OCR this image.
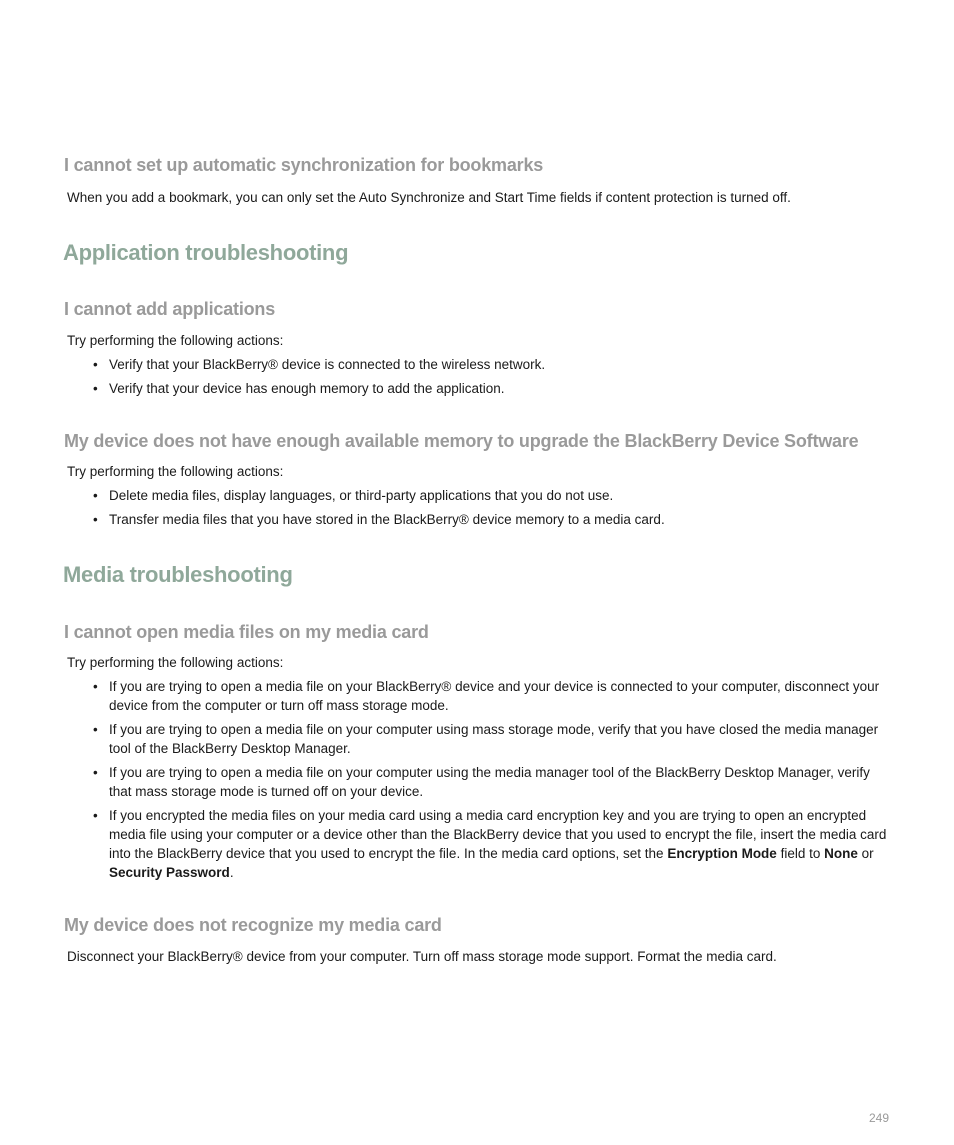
I cannot set up automatic synchronization for bookmarks

When you add a bookmark, you can only set the Auto Synchronize and Start Time fields if content protection is turned off.

Application troubleshooting
I cannot add applications

Try performing the following actions:

• Verify that your BlackBerry® device is connected to the wireless network.
• Verify that your device has enough memory to add the application.
My device does not have enough available memory to upgrade the BlackBerry Device Software

Try performing the following actions:

• Delete media files, display languages, or third-party applications that you do not use.
• Transfer media files that you have stored in the BlackBerry® device memory to a media card.
Media troubleshooting
I cannot open media files on my media card

Try performing the following actions:

• If you are trying to open a media file on your BlackBerry® device and your device is connected to your computer, disconnect your device from the computer or turn off mass storage mode.
• If you are trying to open a media file on your computer using mass storage mode, verify that you have closed the media manager tool of the BlackBerry Desktop Manager.
• If you are trying to open a media file on your computer using the media manager tool of the BlackBerry Desktop Manager, verify that mass storage mode is turned off on your device.
• If you encrypted the media files on your media card using a media card encryption key and you are trying to open an encrypted media file using your computer or a device other than the BlackBerry device that you used to encrypt the file, insert the media card into the BlackBerry device that you used to encrypt the file. In the media card options, set the Encryption Mode field to None or Security Password.
My device does not recognize my media card

Disconnect your BlackBerry® device from your computer. Turn off mass storage mode support. Format the media card.

249
